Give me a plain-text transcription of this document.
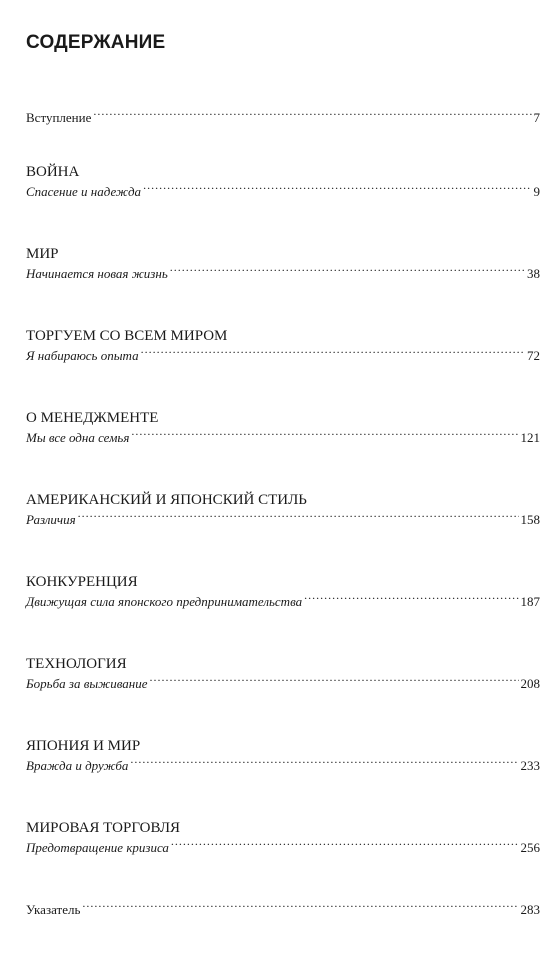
СОДЕРЖАНИЕ
Вступление .....	7
ВОЙНА
Спасение и надежда .....	9
МИР
Начинается новая жизнь .....	38
ТОРГУЕМ СО ВСЕМ МИРОМ
Я набираюсь опыта .....	72
О МЕНЕДЖМЕНТЕ
Мы все одна семья .....	121
АМЕРИКАНСКИЙ И ЯПОНСКИЙ СТИЛЬ
Различия .....	158
КОНКУРЕНЦИЯ
Движущая сила японского предпринимательства .....	187
ТЕХНОЛОГИЯ
Борьба за выживание .....	208
ЯПОНИЯ И МИР
Вражда и дружба .....	233
МИРОВАЯ ТОРГОВЛЯ
Предотвращение кризиса .....	256
Указатель .....	283
